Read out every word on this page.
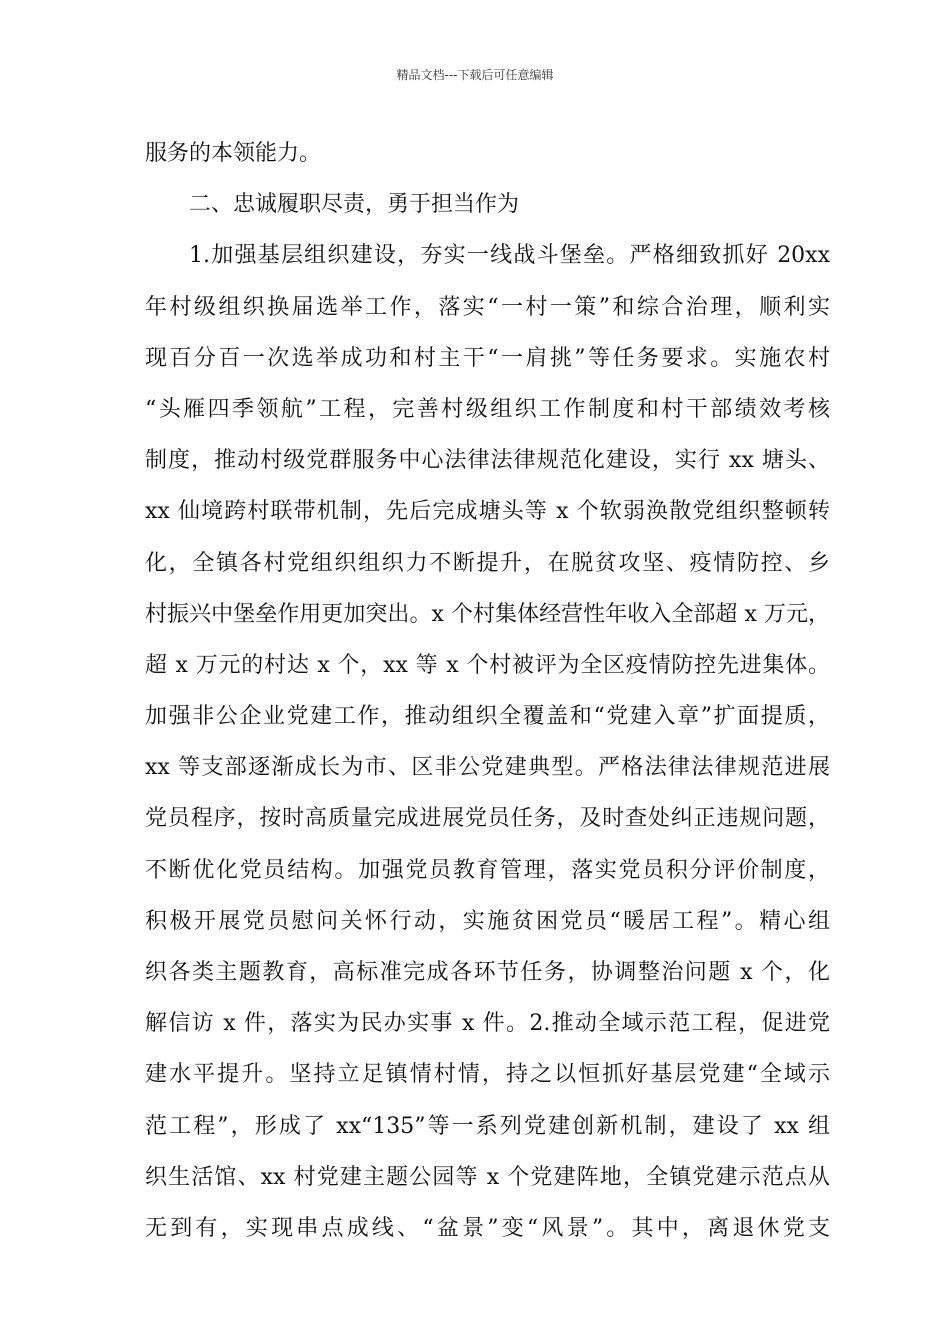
精品文档---下载后可任意编辑
服务的本领能力。
二、忠诚履职尽责，勇于担当作为
1.加强基层组织建设，夯实一线战斗堡垒。严格细致抓好 20xx
年村级组织换届选举工作，落实“一村一策”和综合治理，顺利实
现百分百一次选举成功和村主干“一肩挑”等任务要求。实施农村
“头雁四季领航”工程，完善村级组织工作制度和村干部绩效考核
制度，推动村级党群服务中心法律法律规范化建设，实行 xx 塘头、
xx 仙境跨村联带机制，先后完成塘头等 x 个软弱涣散党组织整顿转
化，全镇各村党组织组织力不断提升，在脱贫攻坚、疫情防控、乡
村振兴中堡垒作用更加突出。x 个村集体经营性年收入全部超 x 万元，
超 x 万元的村达 x 个，xx 等 x 个村被评为全区疫情防控先进集体。
加强非公企业党建工作，推动组织全覆盖和“党建入章”扩面提质，
xx 等支部逐渐成长为市、区非公党建典型。严格法律法律规范进展
党员程序，按时高质量完成进展党员任务，及时查处纠正违规问题，
不断优化党员结构。加强党员教育管理，落实党员积分评价制度，
积极开展党员慰问关怀行动，实施贫困党员“暖居工程”。精心组
织各类主题教育，高标准完成各环节任务，协调整治问题 x 个，化
解信访 x 件，落实为民办实事 x 件。2.推动全域示范工程，促进党
建水平提升。坚持立足镇情村情，持之以恒抓好基层党建“全域示
范工程”，形成了 xx“135”等一系列党建创新机制，建设了 xx 组
织生活馆、xx 村党建主题公园等 x 个党建阵地，全镇党建示范点从
无到有，实现串点成线、“盆景”变“风景”。其中，离退休党支
